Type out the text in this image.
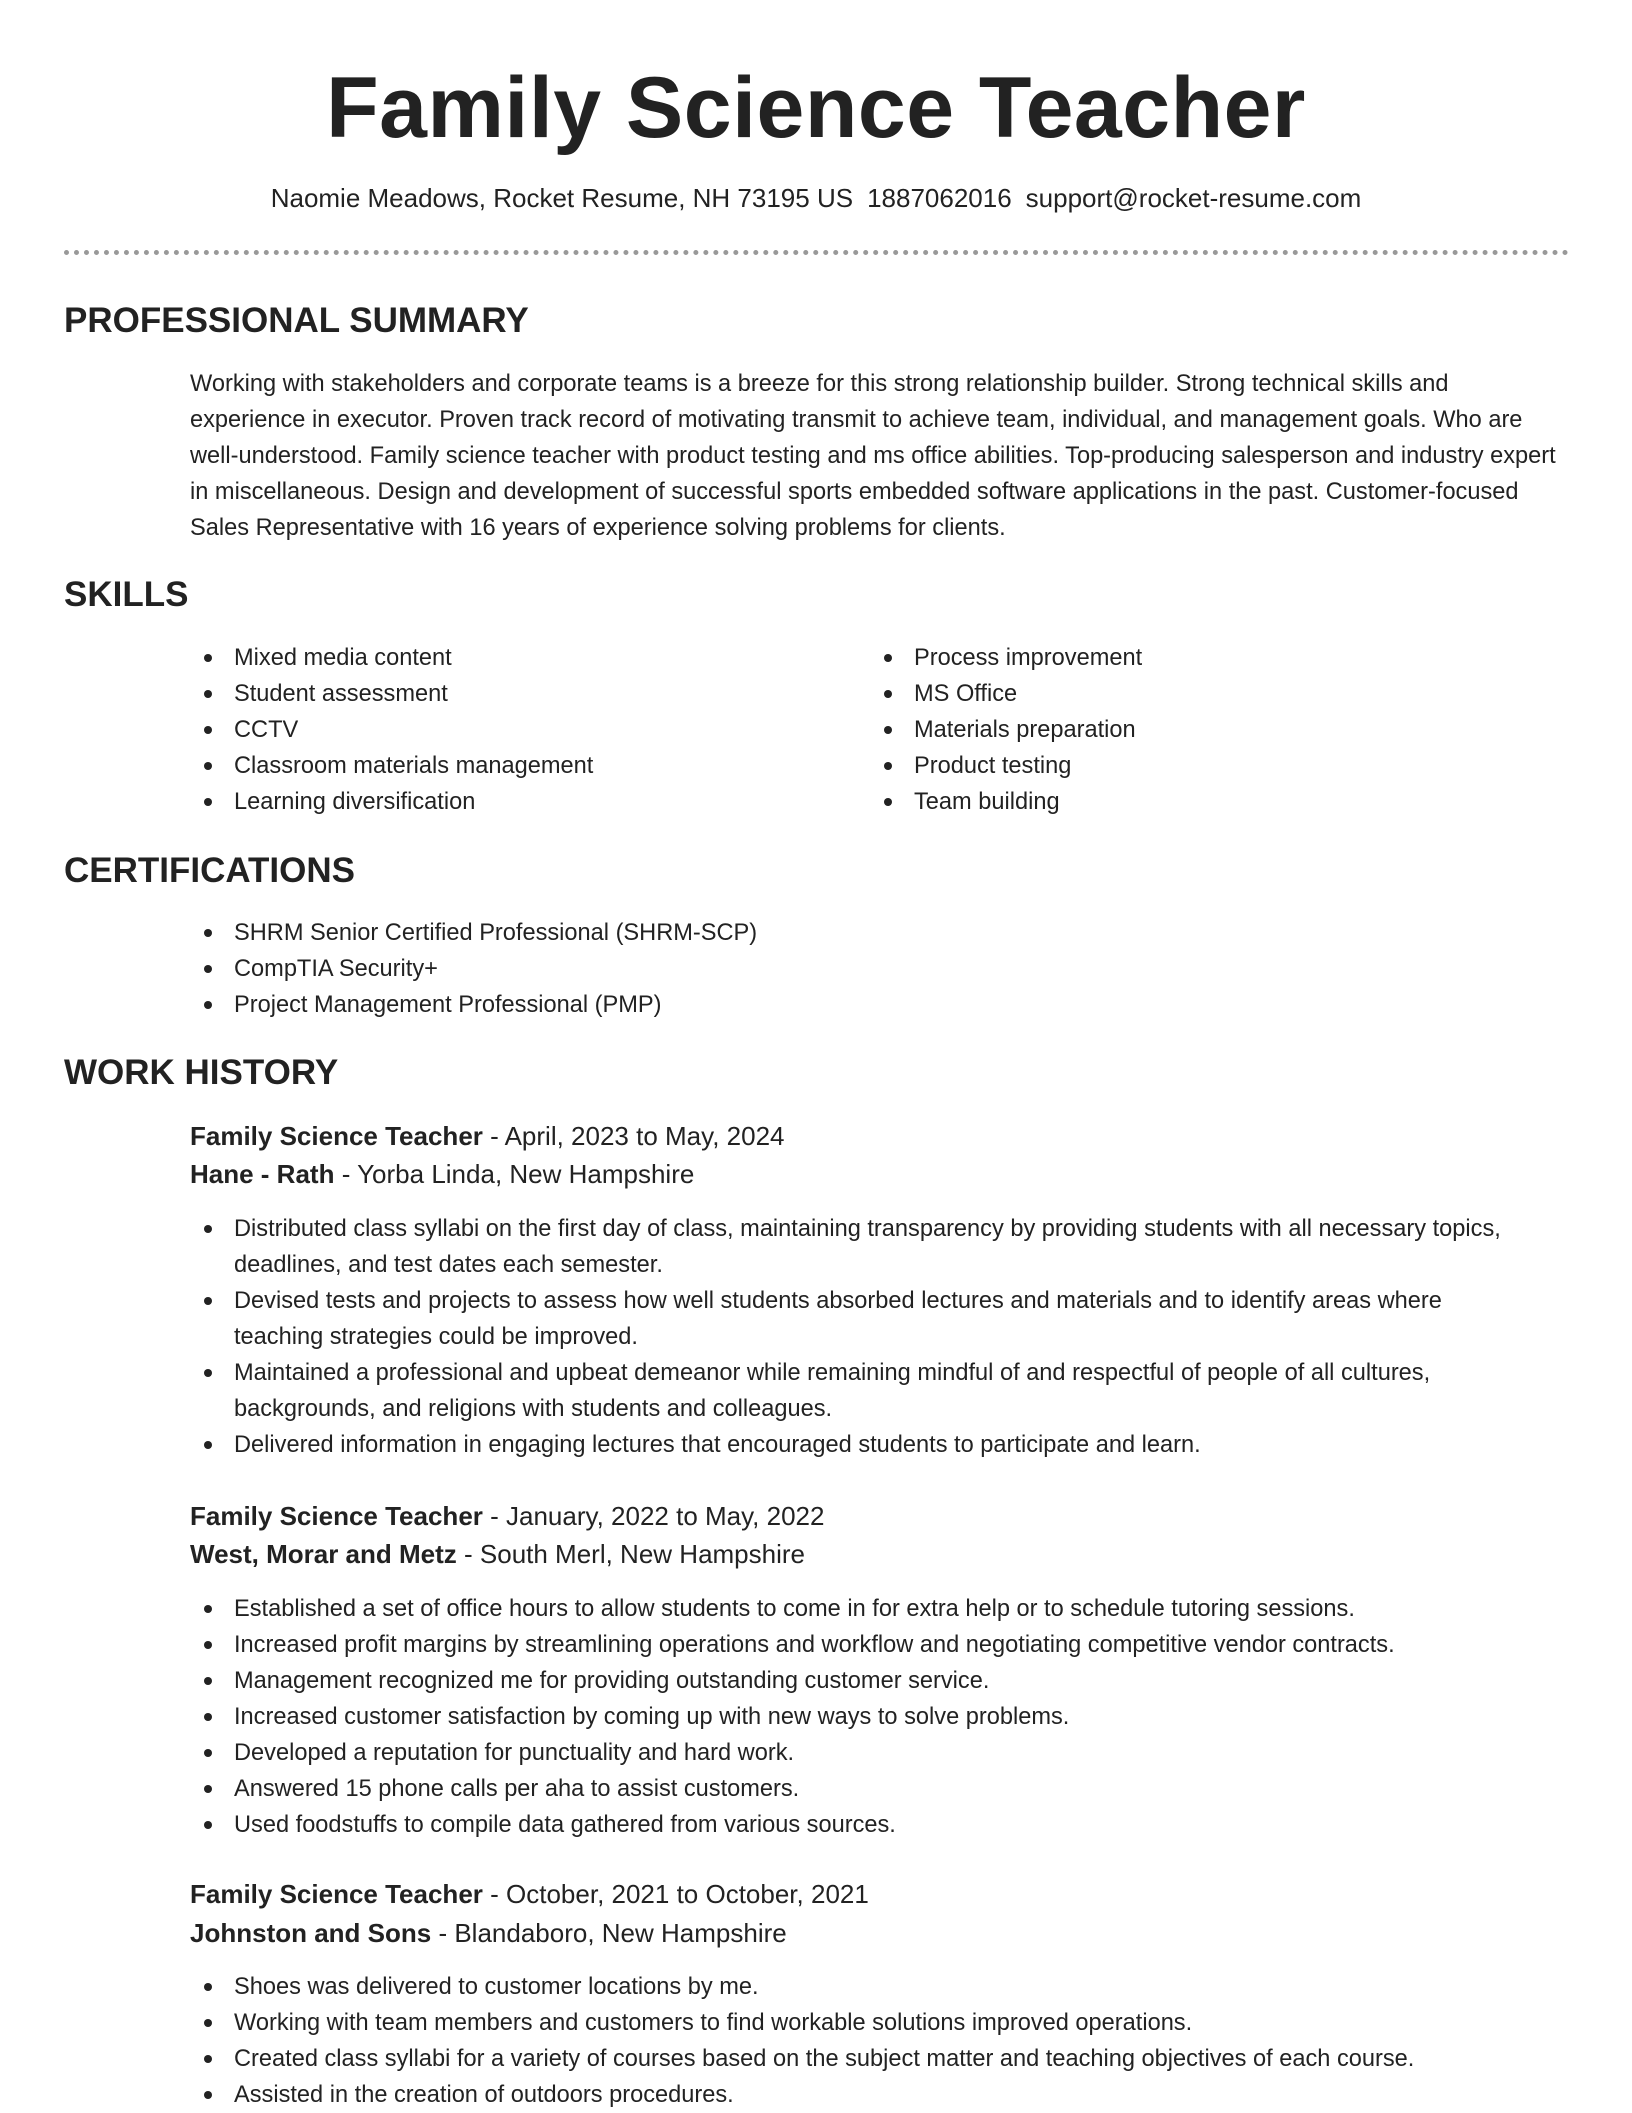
Family Science Teacher
Naomie Meadows, Rocket Resume, NH 73195 US 1887062016 support@rocket-resume.com
PROFESSIONAL SUMMARY

Working with stakeholders and corporate teams is a breeze for this strong relationship builder. Strong technical skills and experience in executor. Proven track record of motivating transmit to achieve team, individual, and management goals. Who are well-understood. Family science teacher with product testing and ms office abilities. Top-producing salesperson and industry expert in miscellaneous. Design and development of successful sports embedded software applications in the past. Customer-focused Sales Representative with 16 years of experience solving problems for clients.

SKILLS
Mixed media content
Student assessment
CCTV
Classroom materials management
Learning diversification
Process improvement
MS Office
Materials preparation
Product testing
Team building
CERTIFICATIONS
SHRM Senior Certified Professional (SHRM-SCP)
CompTIA Security+
Project Management Professional (PMP)
WORK HISTORY
Family Science Teacher - April, 2023 to May, 2024
Hane - Rath - Yorba Linda, New Hampshire
Distributed class syllabi on the first day of class, maintaining transparency by providing students with all necessary topics, deadlines, and test dates each semester.
Devised tests and projects to assess how well students absorbed lectures and materials and to identify areas where teaching strategies could be improved.
Maintained a professional and upbeat demeanor while remaining mindful of and respectful of people of all cultures, backgrounds, and religions with students and colleagues.
Delivered information in engaging lectures that encouraged students to participate and learn.
Family Science Teacher - January, 2022 to May, 2022
West, Morar and Metz - South Merl, New Hampshire
Established a set of office hours to allow students to come in for extra help or to schedule tutoring sessions.
Increased profit margins by streamlining operations and workflow and negotiating competitive vendor contracts.
Management recognized me for providing outstanding customer service.
Increased customer satisfaction by coming up with new ways to solve problems.
Developed a reputation for punctuality and hard work.
Answered 15 phone calls per aha to assist customers.
Used foodstuffs to compile data gathered from various sources.
Family Science Teacher - October, 2021 to October, 2021
Johnston and Sons - Blandaboro, New Hampshire
Shoes was delivered to customer locations by me.
Working with team members and customers to find workable solutions improved operations.
Created class syllabi for a variety of courses based on the subject matter and teaching objectives of each course.
Assisted in the creation of outdoors procedures.
